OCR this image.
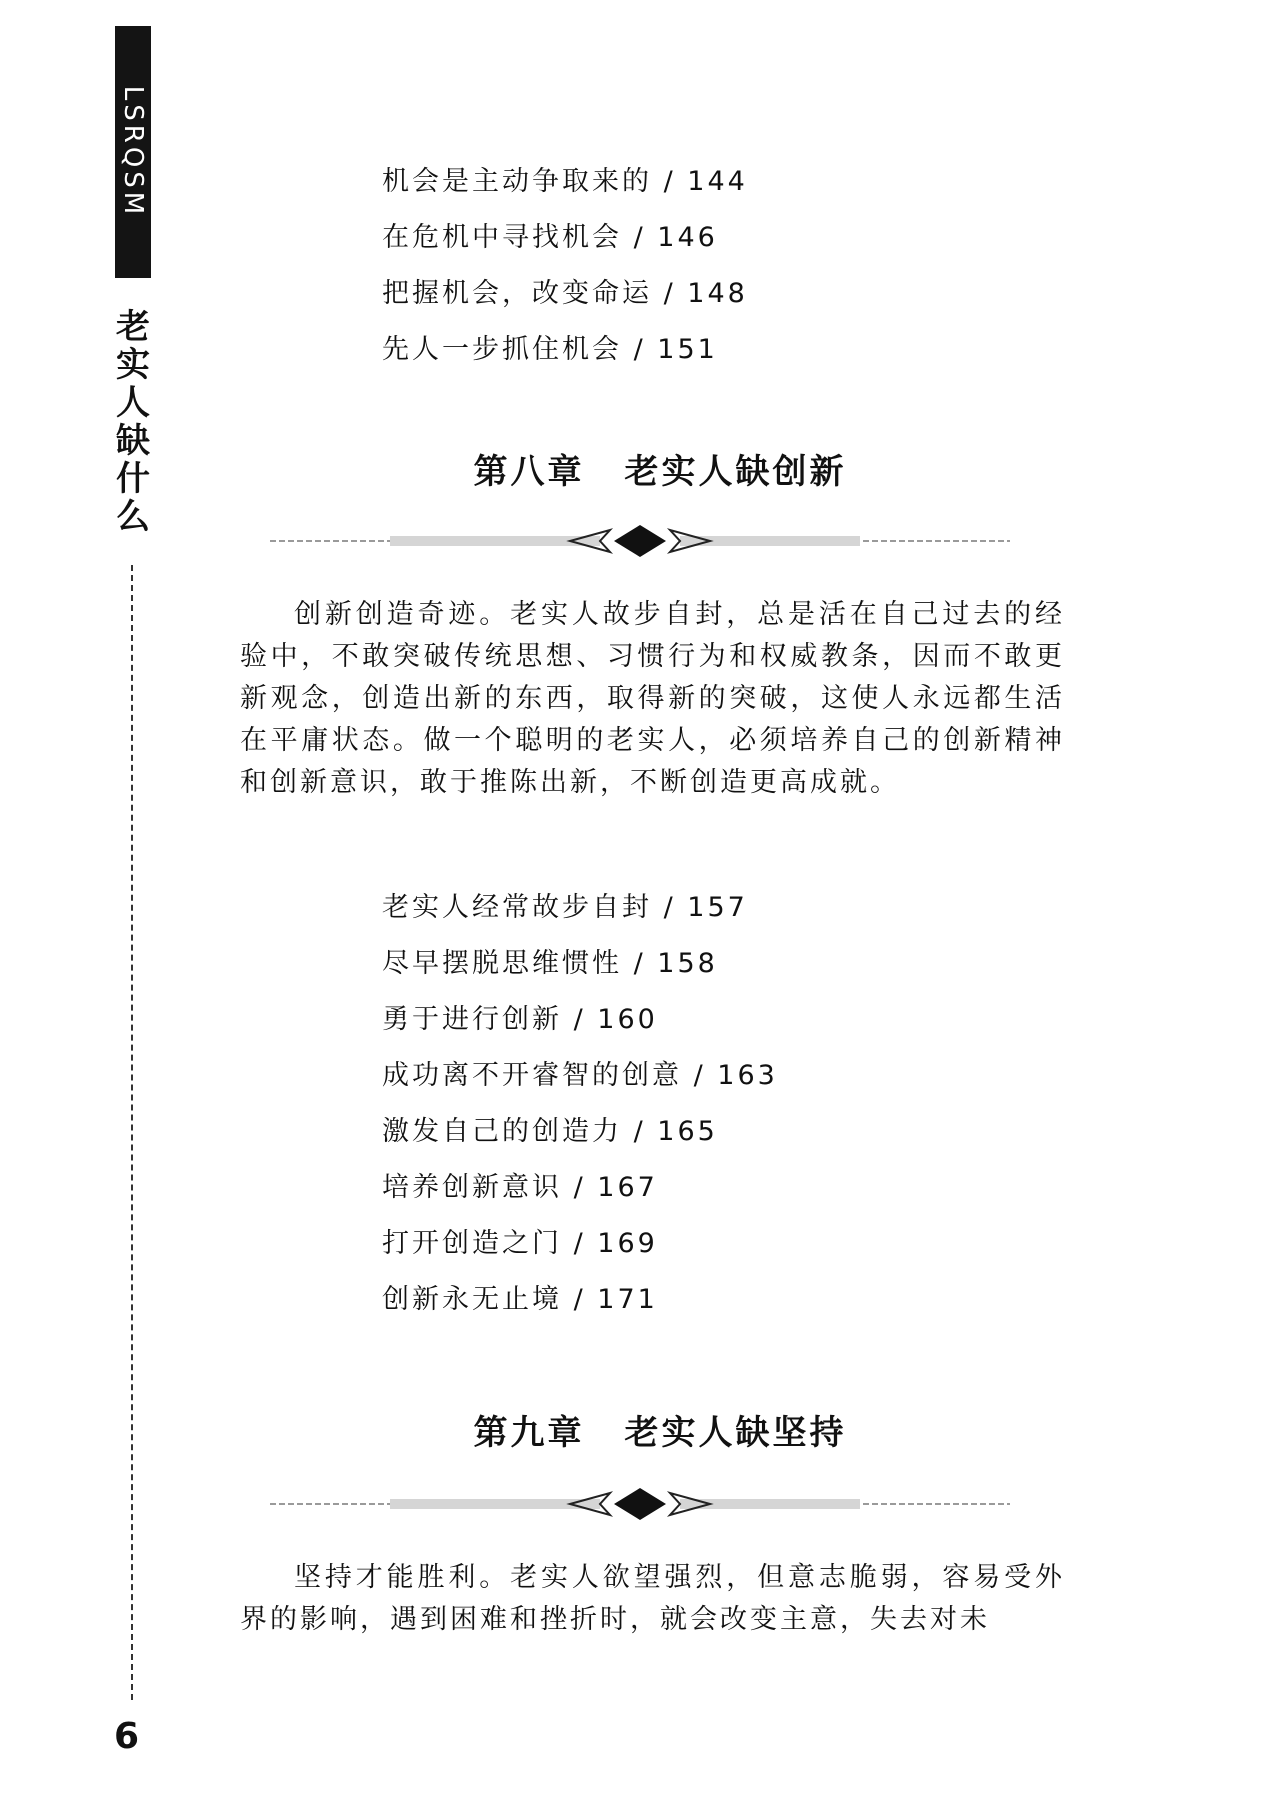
LSRQSM
老实人缺什么
6
机会是主动争取来的 / 144
在危机中寻找机会 / 146
把握机会，改变命运 / 148
先人一步抓住机会 / 151
第八章 老实人缺创新

创新创造奇迹。老实人故步自封，总是活在自己过去的经验中，不敢突破传统思想、习惯行为和权威教条，因而不敢更新观念，创造出新的东西，取得新的突破，这使人永远都生活在平庸状态。做一个聪明的老实人，必须培养自己的创新精神和创新意识，敢于推陈出新，不断创造更高成就。

老实人经常故步自封 / 157
尽早摆脱思维惯性 / 158
勇于进行创新 / 160
成功离不开睿智的创意 / 163
激发自己的创造力 / 165
培养创新意识 / 167
打开创造之门 / 169
创新永无止境 / 171
第九章 老实人缺坚持

坚持才能胜利。老实人欲望强烈，但意志脆弱，容易受外界的影响，遇到困难和挫折时，就会改变主意，失去对未
